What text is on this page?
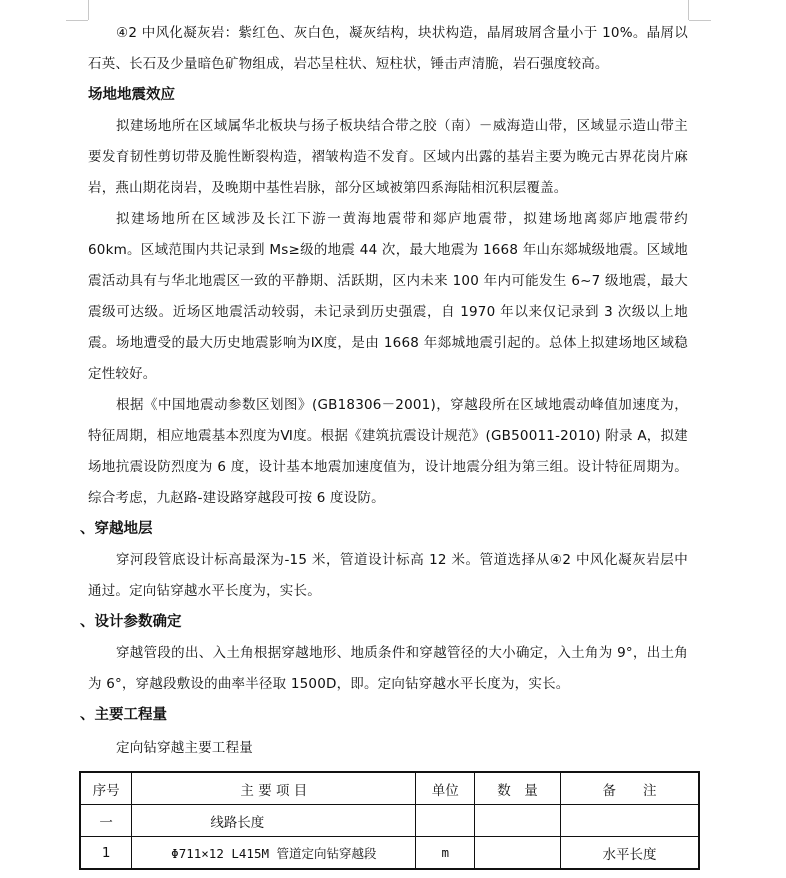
④2 中风化凝灰岩：紫红色、灰白色，凝灰结构，块状构造，晶屑玻屑含量小于 10%。晶屑以石英、长石及少量暗色矿物组成，岩芯呈柱状、短柱状，锤击声清脆，岩石强度较高。

场地地震效应

拟建场地所在区域属华北板块与扬子板块结合带之胶（南）－威海造山带，区域显示造山带主要发育韧性剪切带及脆性断裂构造，褶皱构造不发育。区域内出露的基岩主要为晚元古界花岗片麻岩，燕山期花岗岩，及晚期中基性岩脉，部分区域被第四系海陆相沉积层覆盖。

拟建场地所在区域涉及长江下游一黄海地震带和郯庐地震带，拟建场地离郯庐地震带约 60km。区域范围内共记录到 Ms≥级的地震 44 次，最大地震为 1668 年山东郯城级地震。区域地震活动具有与华北地震区一致的平静期、活跃期，区内未来 100 年内可能发生 6~7 级地震，最大震级可达级。近场区地震活动较弱，未记录到历史强震，自 1970 年以来仅记录到 3 次级以上地震。场地遭受的最大历史地震影响为Ⅸ度，是由 1668 年郯城地震引起的。总体上拟建场地区域稳定性较好。

根据《中国地震动参数区划图》(GB18306－2001)，穿越段所在区域地震动峰值加速度为，特征周期，相应地震基本烈度为Ⅵ度。根据《建筑抗震设计规范》(GB50011-2010) 附录 A，拟建场地抗震设防烈度为 6 度，设计基本地震加速度值为，设计地震分组为第三组。设计特征周期为。综合考虑，九赵路-建设路穿越段可按 6 度设防。

、穿越地层

穿河段管底设计标高最深为-15 米，管道设计标高 12 米。管道选择从④2 中风化凝灰岩层中通过。定向钻穿越水平长度为，实长。

、设计参数确定

穿越管段的出、入土角根据穿越地形、地质条件和穿越管径的大小确定，入土角为 9°，出土角为 6°，穿越段敷设的曲率半径取 1500D，即。定向钻穿越水平长度为，实长。

、主要工程量

定向钻穿越主要工程量

序号	主 要 项 目	单位	数　量	备　　注
一	线路长度			
1	Φ711×12 L415M 管道定向钻穿越段	m		水平长度
